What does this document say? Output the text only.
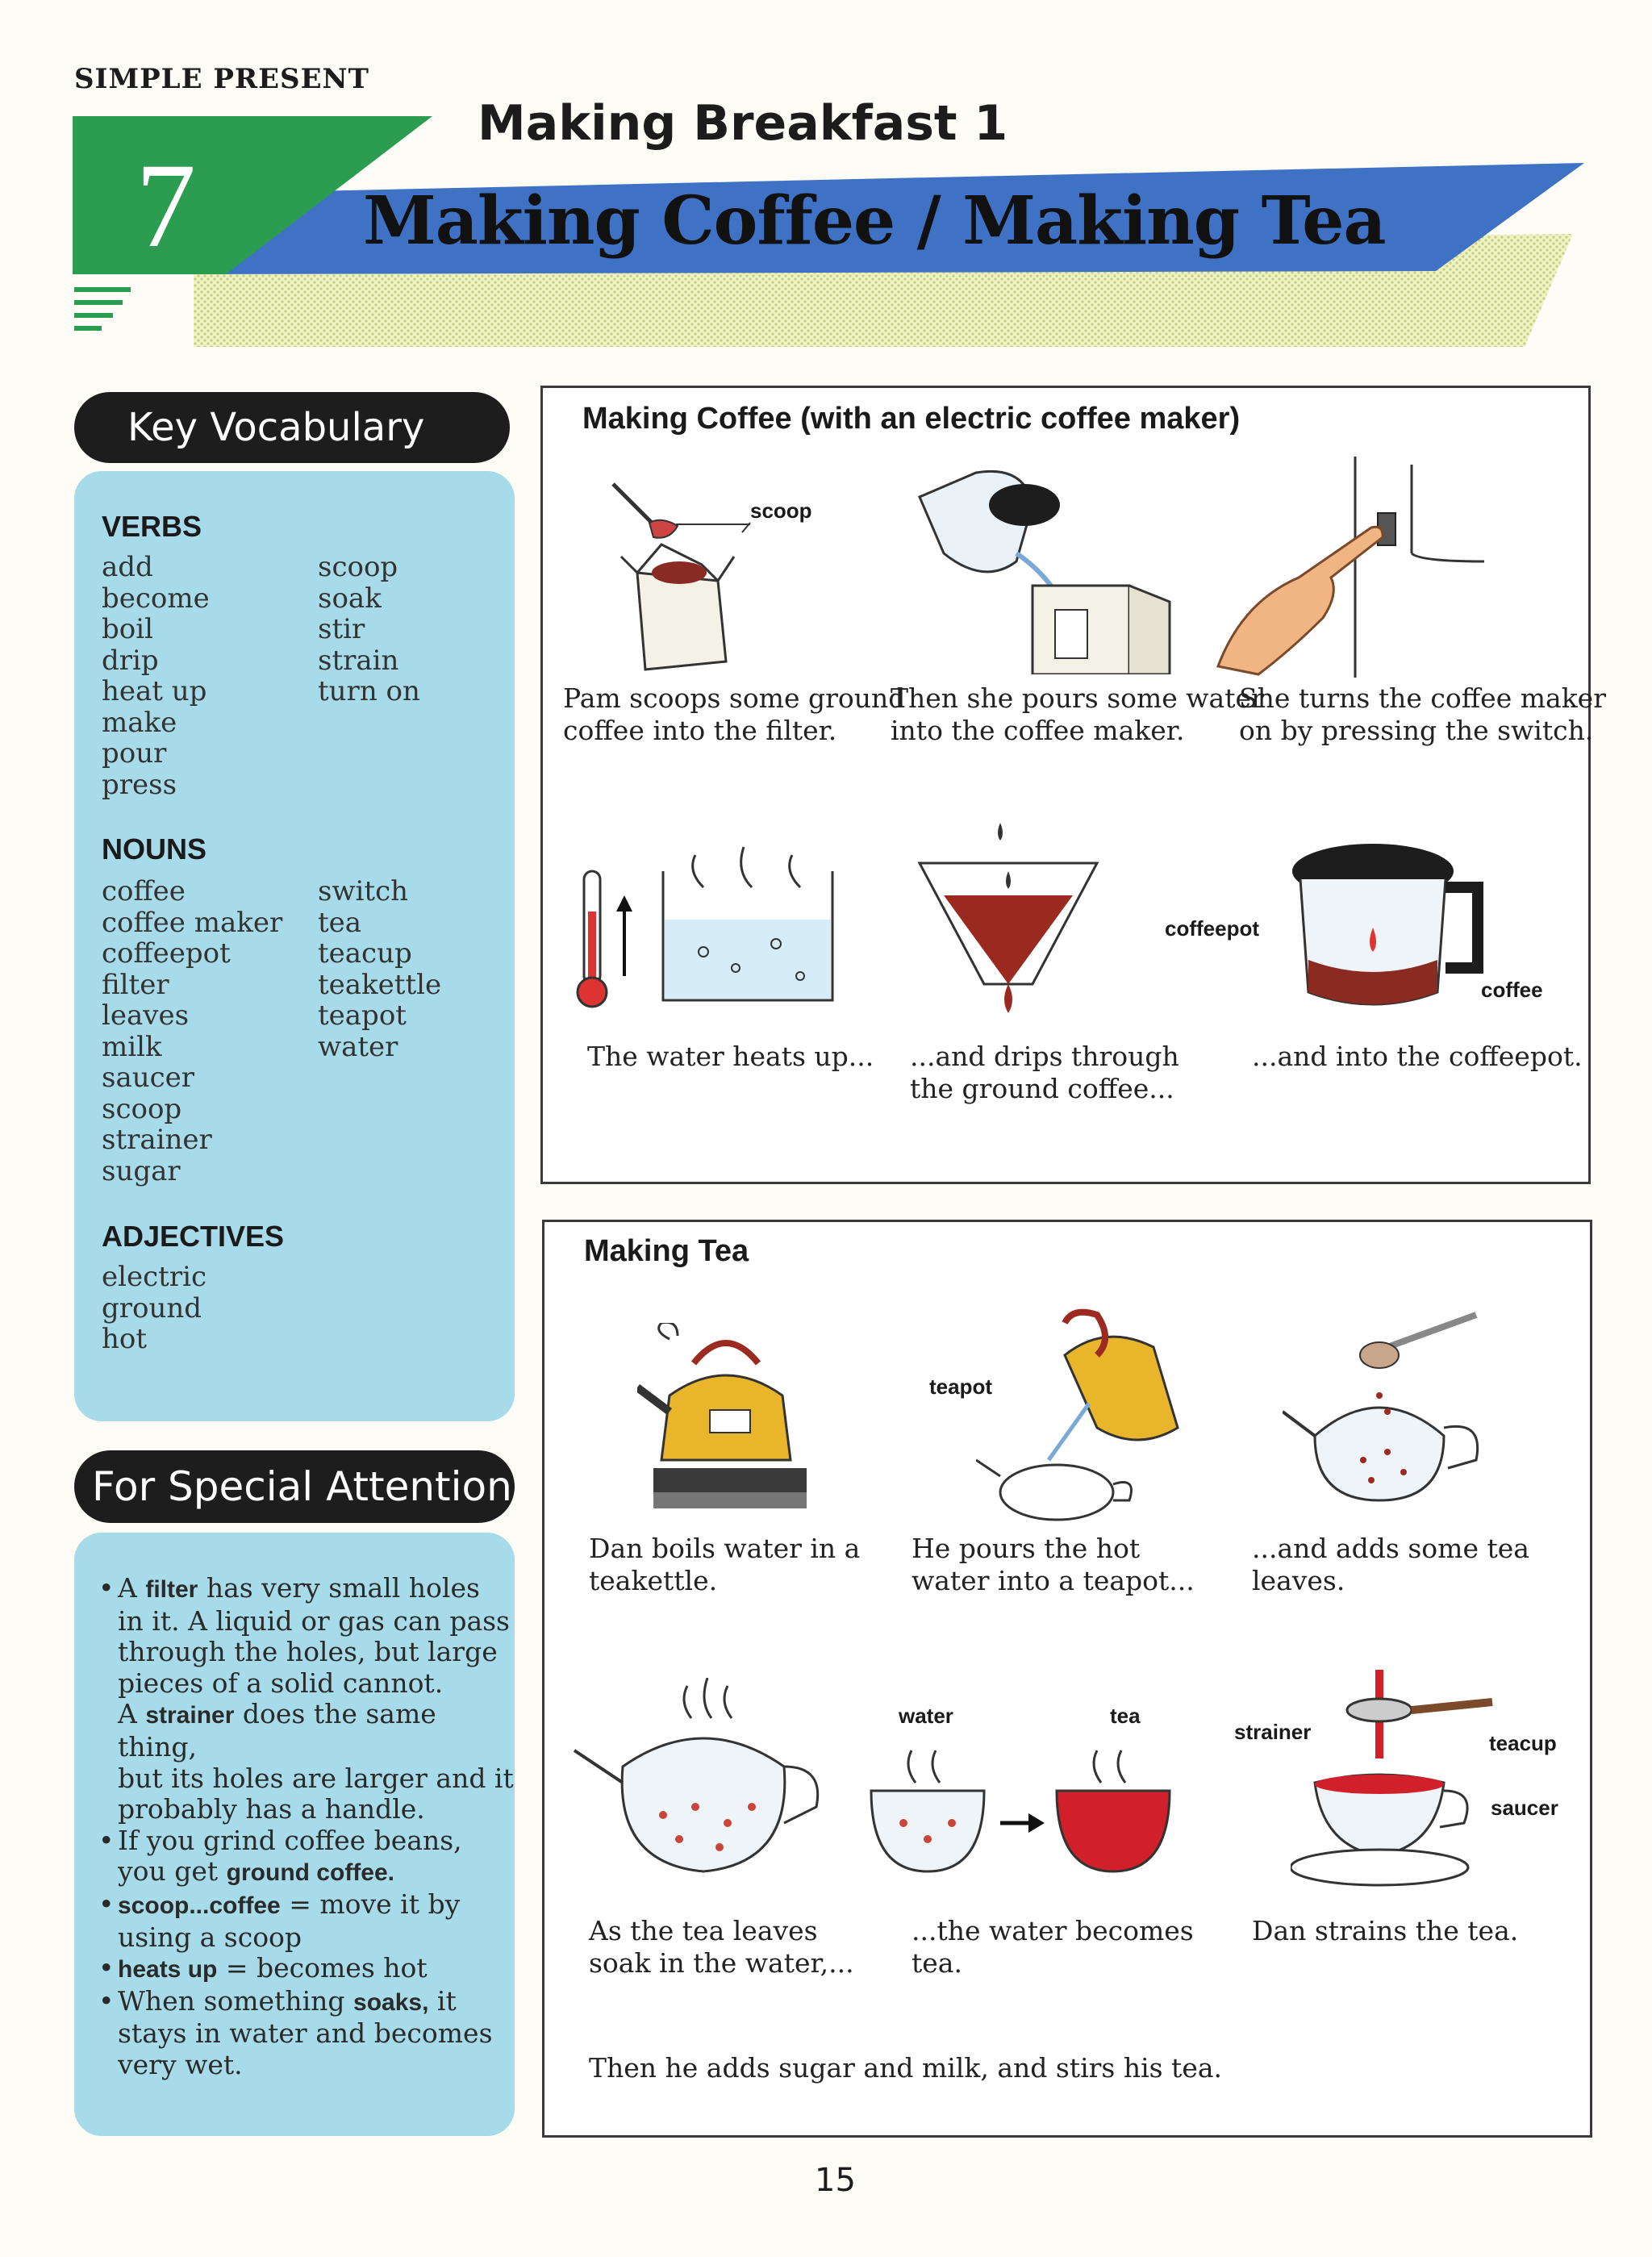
SIMPLE PRESENT
7
Making Breakfast 1
Making Coffee / Making Tea
Key Vocabulary
VERBS
add
become
boil
drip
heat up
make
pour
press
scoop
soak
stir
strain
turn on
NOUNS
coffee
coffee maker
coffeepot
filter
leaves
milk
saucer
scoop
strainer
sugar
switch
tea
teacup
teakettle
teapot
water
ADJECTIVES
electric
ground
hot
For Special Attention
• A filter has very small holes
in it. A liquid or gas can pass
through the holes, but large
pieces of a solid cannot.
A strainer does the same thing,
but its holes are larger and it
probably has a handle.
• If you grind coffee beans,
you get ground coffee.
• scoop...coffee = move it by
using a scoop
• heats up = becomes hot
• When something soaks, it
stays in water and becomes
very wet.
Making Coffee (with an electric coffee maker)
scoop
Pam scoops some ground
coffee into the filter.
Then she pours some water
into the coffee maker.
She turns the coffee maker
on by pressing the switch.
coffeepot
coffee
The water heats up... ...and drips through
the ground coffee...
...and into the coffeepot.
Making Tea
teapot
Dan boils water in a
teakettle.
He pours the hot
water into a teapot...
...and adds some tea
leaves.
water	tea
strainer	teacup
saucer
As the tea leaves
soak in the water,...
...the water becomes
tea.
Dan strains the tea.
Then he adds sugar and milk, and stirs his tea.
15
